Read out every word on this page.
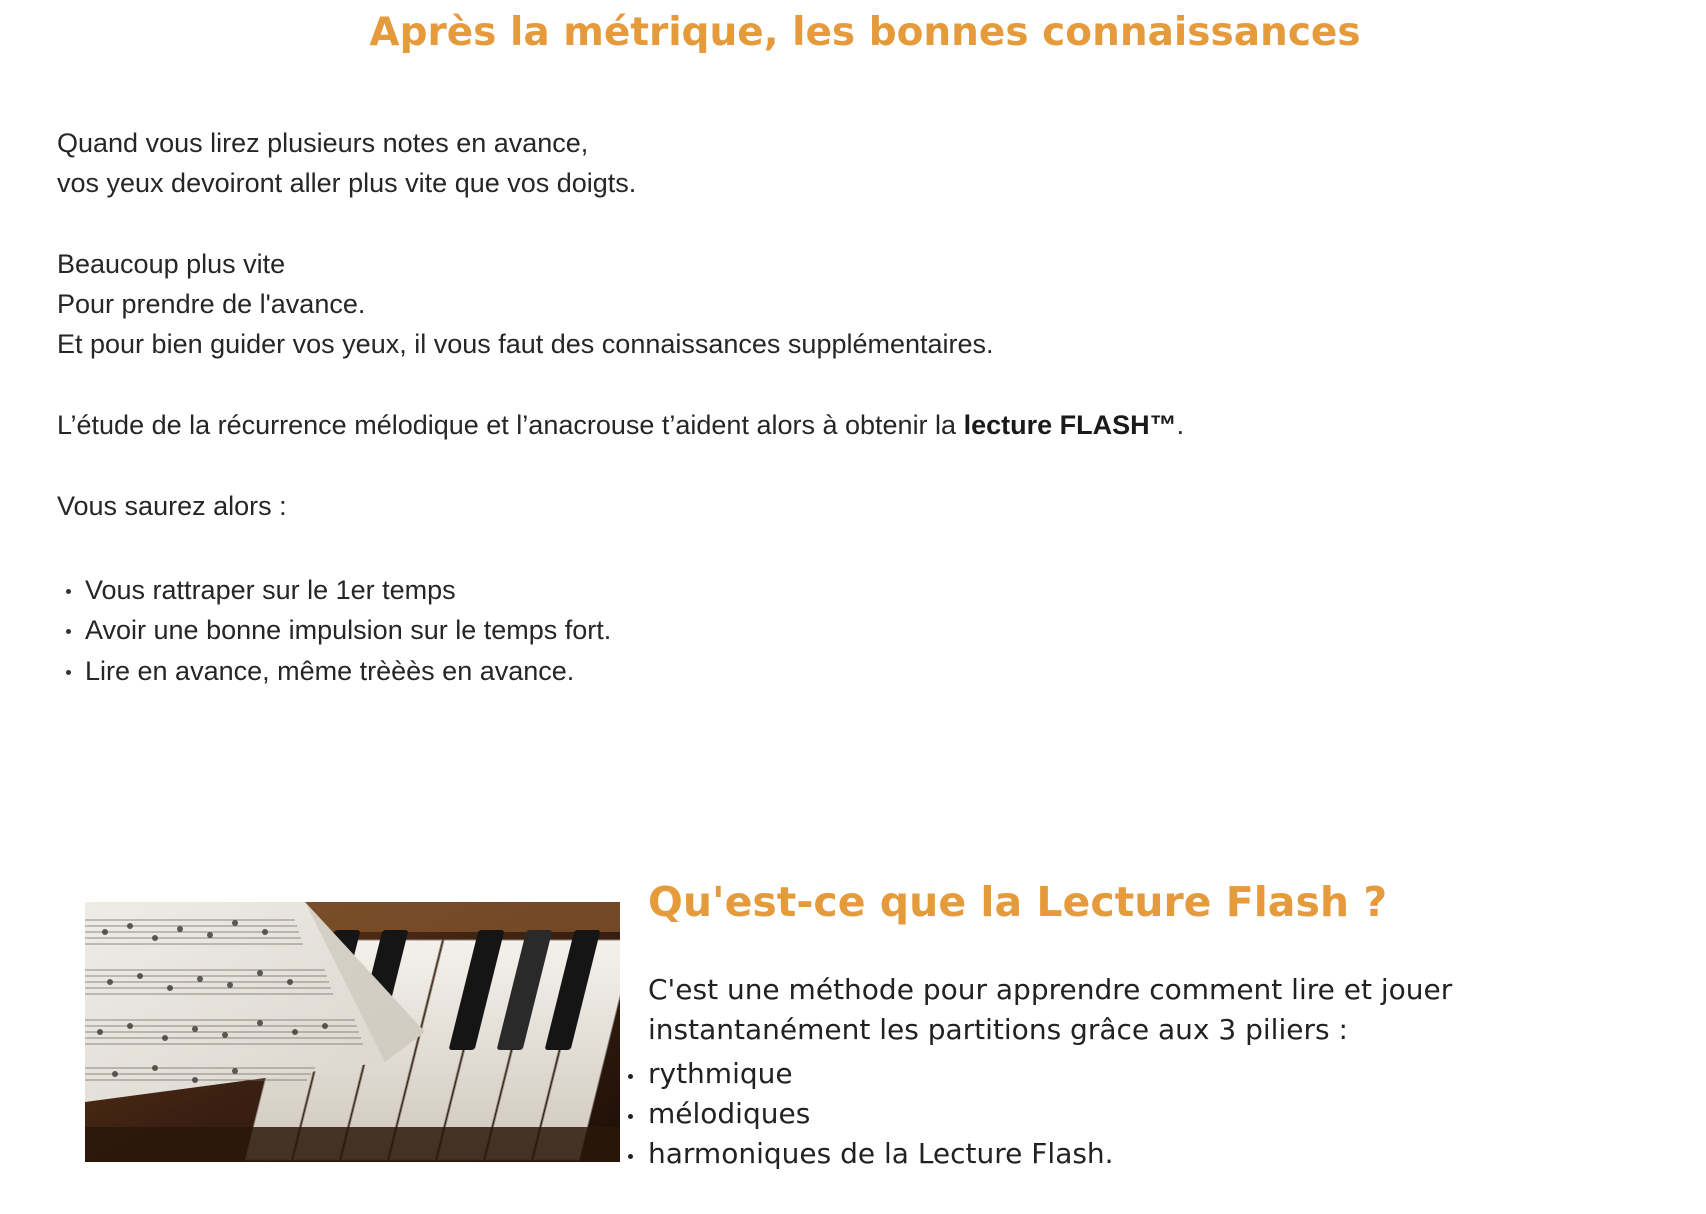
Après la métrique, les bonnes connaissances

Quand vous lirez plusieurs notes en avance,

vos yeux devoiront aller plus vite que vos doigts.

Beaucoup plus vite

Pour prendre de l'avance.

Et pour bien guider vos yeux, il vous faut des connaissances supplémentaires.

L’étude de la récurrence mélodique et l’anacrouse t’aident alors à obtenir la lecture FLASH™.

Vous saurez alors :

Vous rattraper sur le 1er temps
Avoir une bonne impulsion sur le temps fort.
Lire en avance, même trèèès en avance.
Qu'est-ce que la Lecture Flash ?

C'est une méthode pour apprendre comment lire et jouer

instantanément les partitions grâce aux 3 piliers :

rythmique
mélodiques
harmoniques de la Lecture Flash.
